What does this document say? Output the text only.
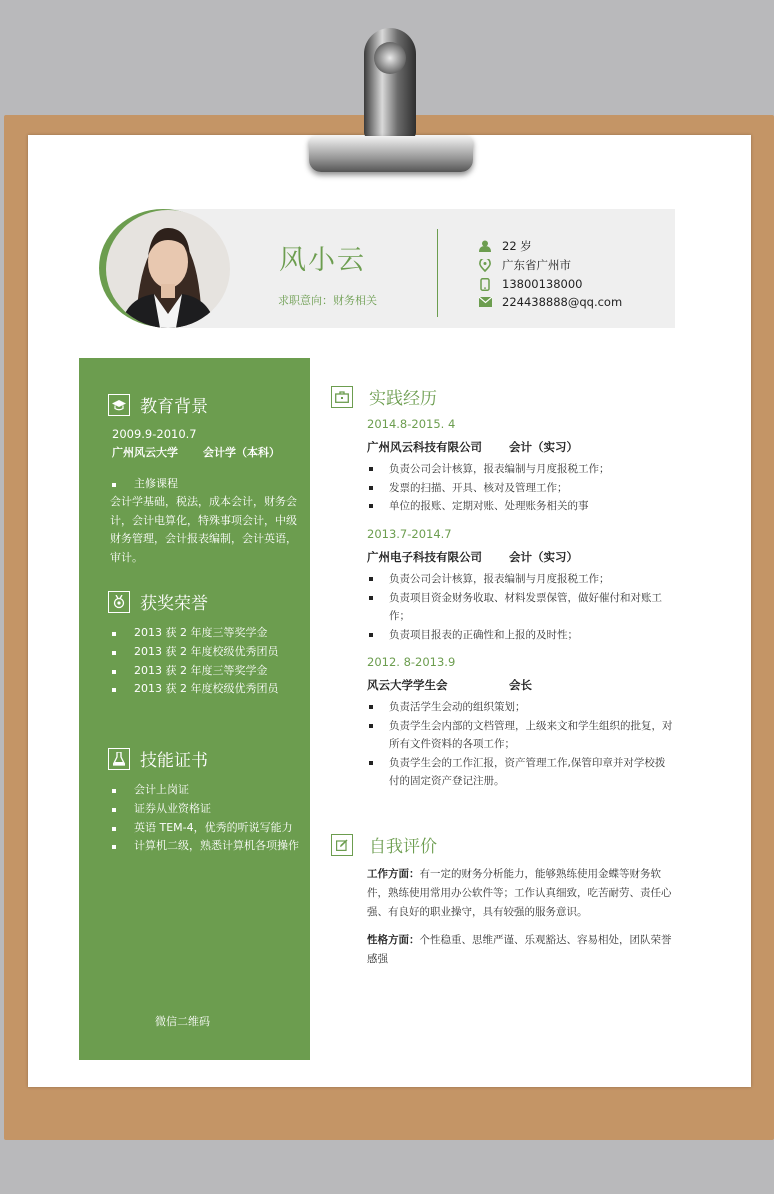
风小云
求职意向：财务相关
22 岁
广东省广州市
13800138000
224438888@qq.com
教育背景
2009.9-2010.7
广州风云大学 会计学（本科）
主修课程
会计学基础，税法，成本会计，财务会计，会计电算化，特殊事项会计，中级财务管理，会计报表编制，会计英语，审计。
获奖荣誉
2013 获 2 年度三等奖学金
2013 获 2 年度校级优秀团员
2013 获 2 年度三等奖学金
2013 获 2 年度校级优秀团员
技能证书
会计上岗证
证券从业资格证
英语 TEM-4，优秀的听说写能力
计算机二级，熟悉计算机各项操作
微信二维码
实践经历
2014.8-2015. 4
广州风云科技有限公司 会计（实习）
负责公司会计核算，报表编制与月度报税工作；
发票的扫描、开具、核对及管理工作；
单位的报账、定期对账、处理账务相关的事
2013.7-2014.7
广州电子科技有限公司 会计（实习）
负责公司会计核算，报表编制与月度报税工作；
负责项目资金财务收取、材料发票保管，做好催付和对账工作；
负责项目报表的正确性和上报的及时性；
2012. 8-2013.9
风云大学学生会	会长
负责活学生会动的组织策划；
负责学生会内部的文档管理，上级来文和学生组织的批复，对所有文件资料的各项工作；
负责学生会的工作汇报，资产管理工作,保管印章并对学校拨付的固定资产登记注册。
自我评价
工作方面：有一定的财务分析能力，能够熟练使用金蝶等财务软件，熟练使用常用办公软件等；工作认真细致，吃苦耐劳、责任心强、有良好的职业操守，具有较强的服务意识。
性格方面：个性稳重、思维严谨、乐观豁达、容易相处，团队荣誉感强
